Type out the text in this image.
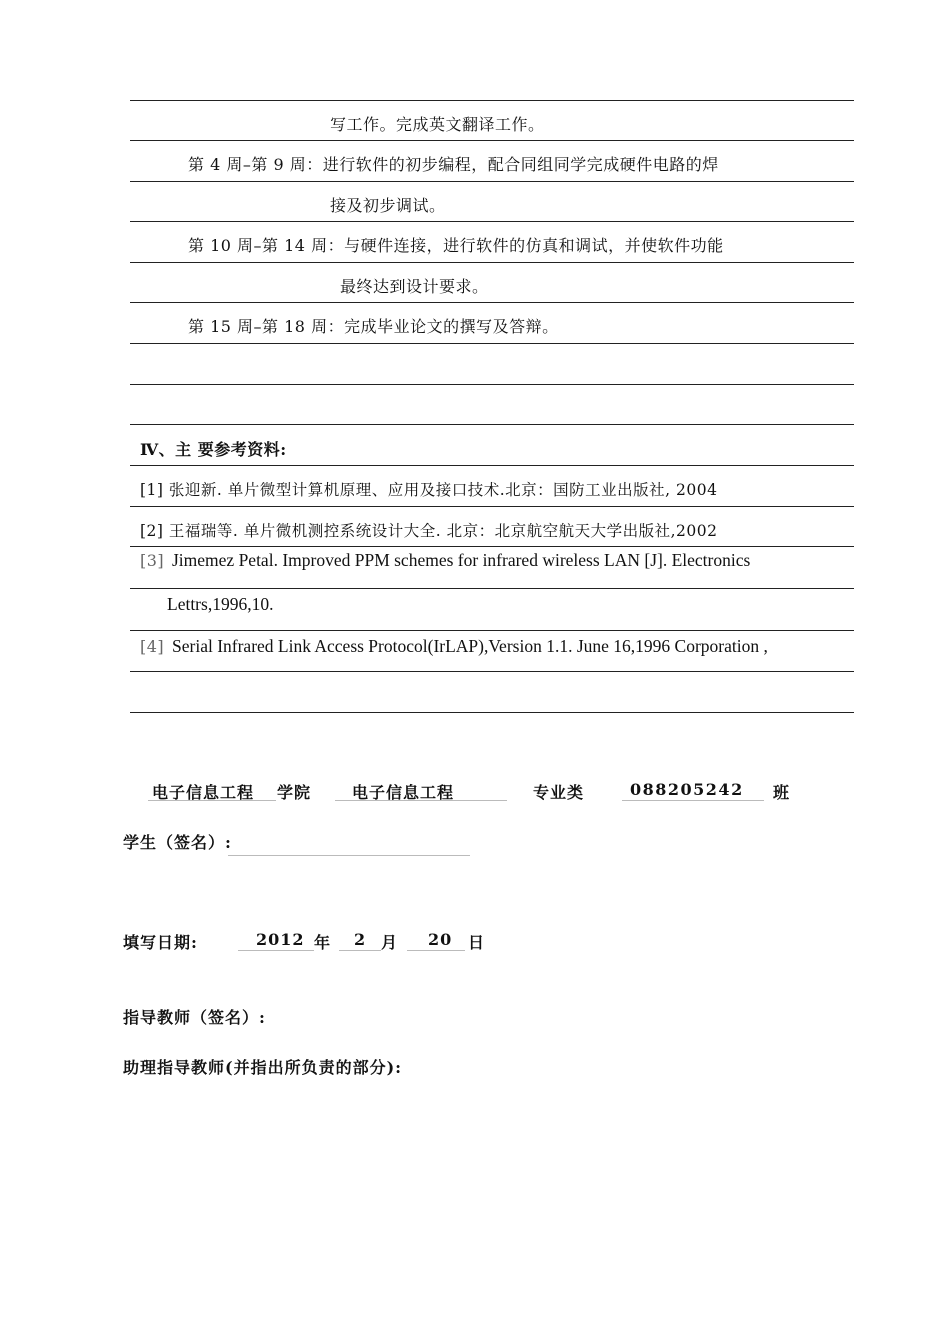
写工作。完成英文翻译工作。
第 4 周–第 9 周：进行软件的初步编程，配合同组同学完成硬件电路的焊
接及初步调试。
第 10 周–第 14 周：与硬件连接，进行软件的仿真和调试，并使软件功能
最终达到设计要求。
第 15 周–第 18 周：完成毕业论文的撰写及答辩。
Ⅳ、主 要参考资料:
[1] 张迎新. 单片微型计算机原理、应用及接口技术.北京：国防工业出版社, 2004
[2] 王福瑞等. 单片微机测控系统设计大全. 北京：北京航空航天大学出版社,2002
[3] Jimemez Petal. Improved PPM schemes for infrared wireless LAN [J]. Electronics
Lettrs,1996,10.
[4] Serial Infrared Link Access Protocol(IrLAP),Version 1.1. June 16,1996 Corporation ,
电子信息工程 学院	电子信息工程	专业类	088205242 班
学生（签名）:
填写日期:	2012 年 2 月 20 日
指导教师（签名）:
助理指导教师(并指出所负责的部分):
